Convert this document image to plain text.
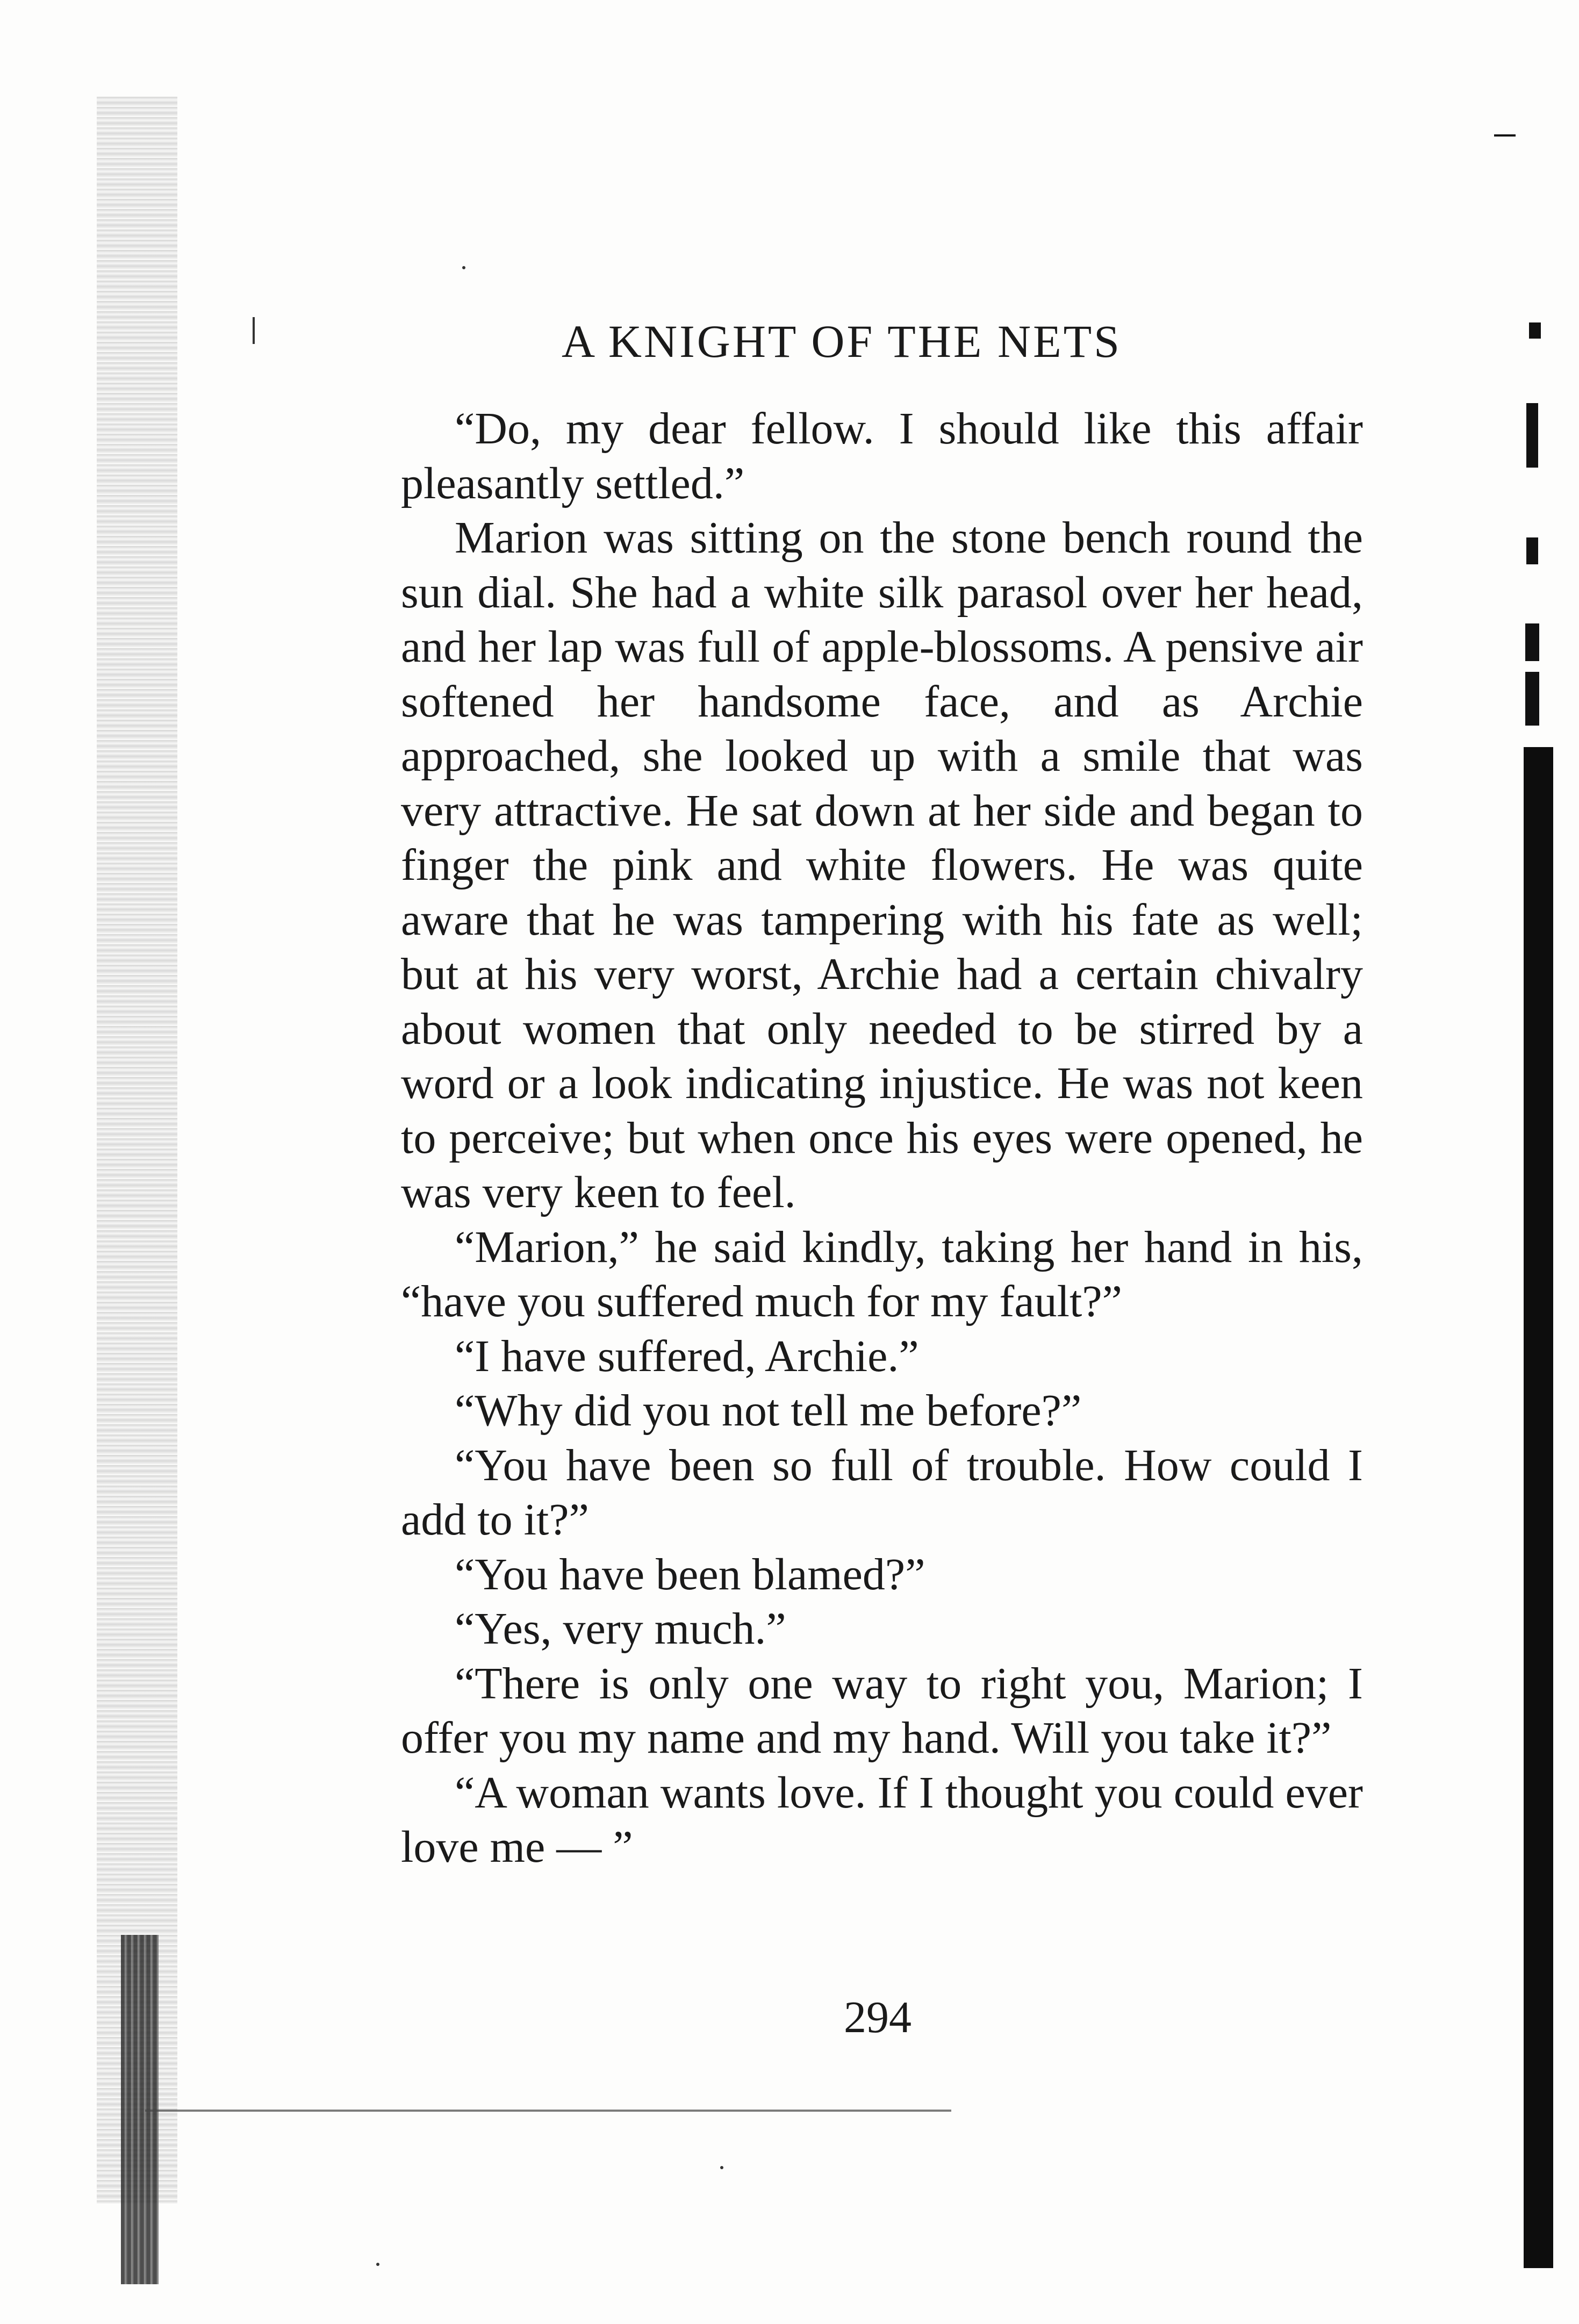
A KNIGHT OF THE NETS

“Do, my dear fellow. I should like this affair pleasantly settled.”

Marion was sitting on the stone bench round the sun dial. She had a white silk parasol over her head, and her lap was full of apple-blossoms. A pensive air softened her handsome face, and as Archie approached, she looked up with a smile that was very attractive. He sat down at her side and began to finger the pink and white flowers. He was quite aware that he was tampering with his fate as well; but at his very worst, Archie had a certain chivalry about women that only needed to be stirred by a word or a look indicating injustice. He was not keen to perceive; but when once his eyes were opened, he was very keen to feel.

“Marion,” he said kindly, taking her hand in his, “have you suffered much for my fault?”

“I have suffered, Archie.”

“Why did you not tell me before?”

“You have been so full of trouble. How could I add to it?”

“You have been blamed?”

“Yes, very much.”

“There is only one way to right you, Marion; I offer you my name and my hand. Will you take it?”

“A woman wants love. If I thought you could ever love me — ”

294
